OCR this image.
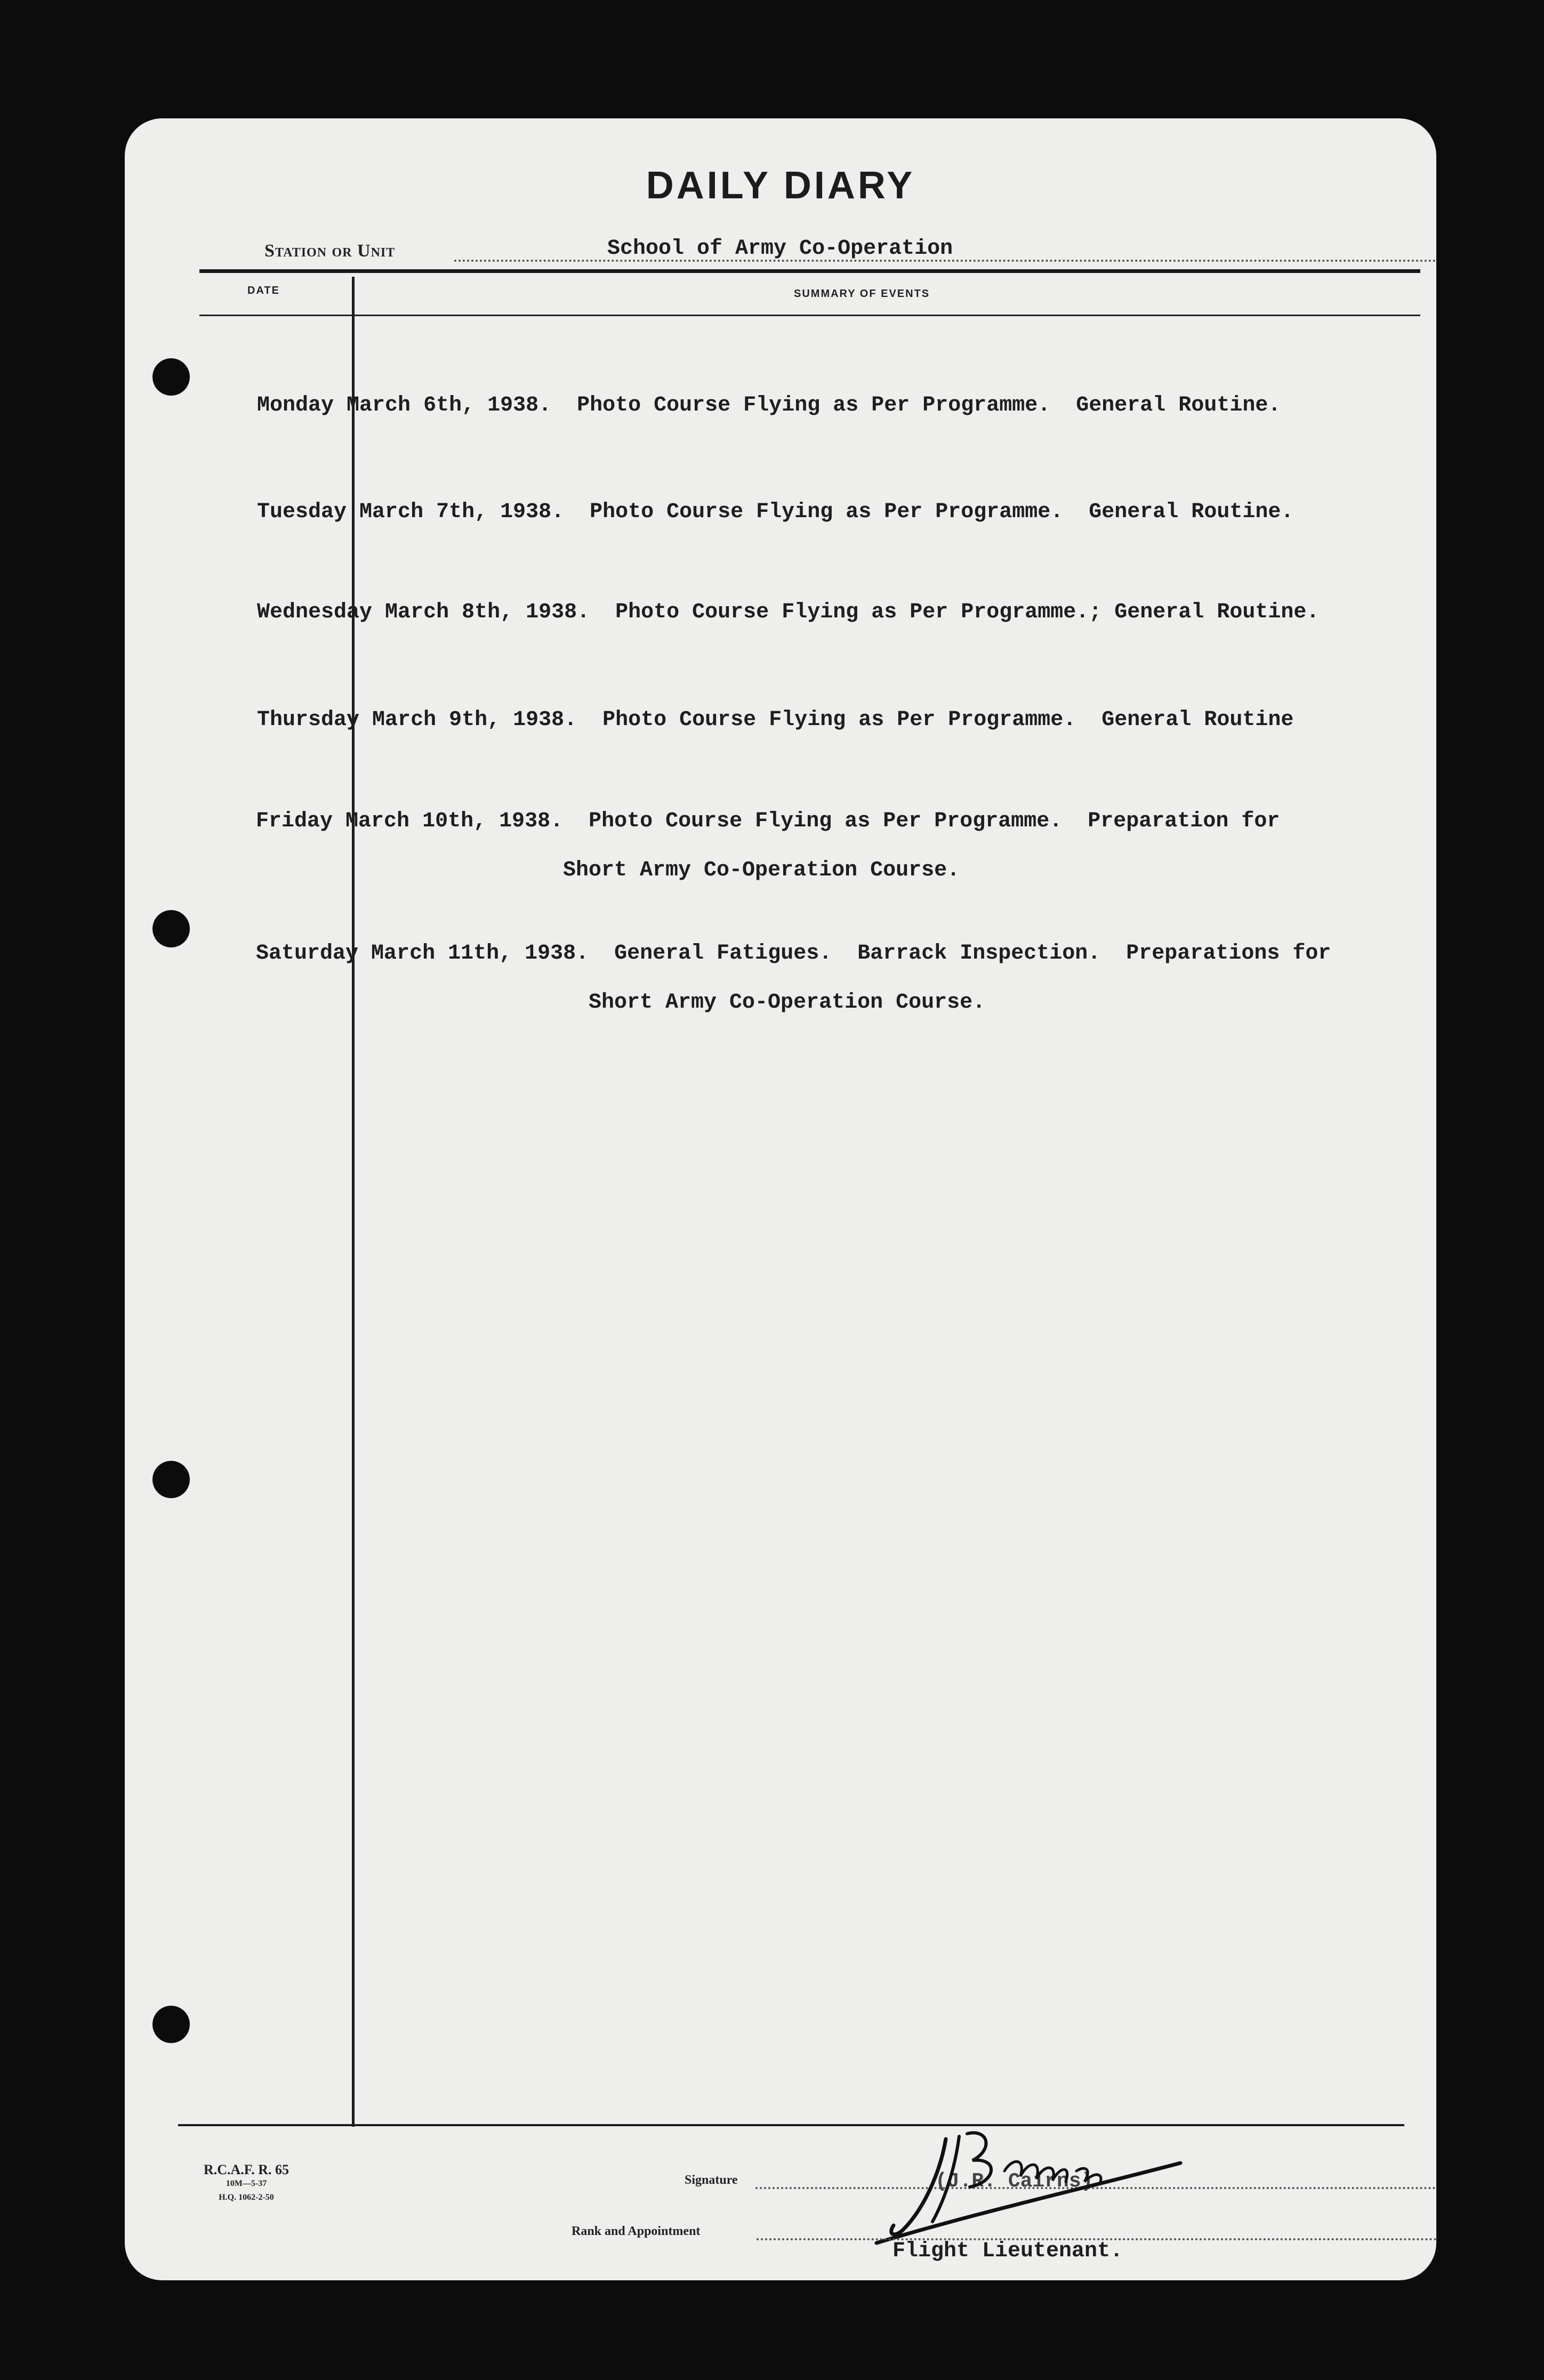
DAILY DIARY
Station or Unit	School of Army Co-Operation
DATE	SUMMARY OF EVENTS

Monday March 6th, 1938. Photo Course Flying as Per Programme.  General Routine.

Tuesday March 7th, 1938. Photo Course Flying as Per Programme.  General Routine.

Wednesday March 8th, 1938. Photo Course Flying as Per Programme.; General Routine.

Thursday March 9th, 1938. Photo Course Flying as Per Programme.  General Routine

Friday March 10th, 1938. Photo Course Flying as Per Programme.  Preparation for

Short Army Co-Operation Course.

Saturday March 11th, 1938. General Fatigues.  Barrack Inspection.  Preparations for

Short Army Co-Operation Course.

R.C.A.F. R. 65
10M—5-37
H.Q. 1062-2-50
Signature	(J.R. Cairns)
Rank and Appointment
Flight Lieutenant.
